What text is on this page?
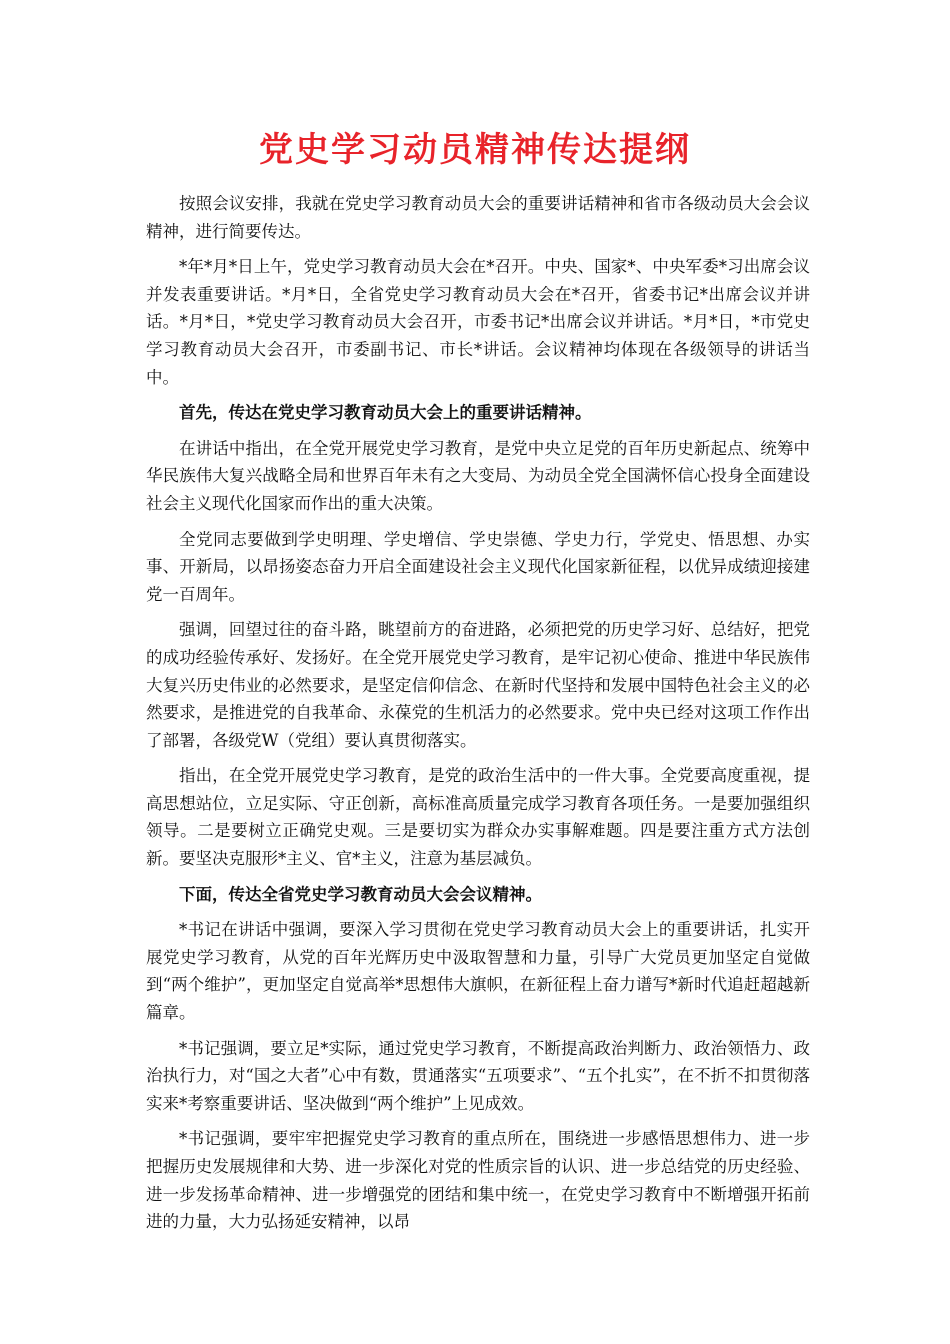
党史学习动员精神传达提纲

按照会议安排，我就在党史学习教育动员大会的重要讲话精神和省市各级动员大会会议精神，进行简要传达。

*年*月*日上午，党史学习教育动员大会在*召开。中央、国家*、中央军委*习出席会议并发表重要讲话。*月*日，全省党史学习教育动员大会在*召开，省委书记*出席会议并讲话。*月*日，*党史学习教育动员大会召开，市委书记*出席会议并讲话。*月*日，*市党史学习教育动员大会召开，市委副书记、市长*讲话。会议精神均体现在各级领导的讲话当中。

首先，传达在党史学习教育动员大会上的重要讲话精神。

在讲话中指出，在全党开展党史学习教育，是党中央立足党的百年历史新起点、统筹中华民族伟大复兴战略全局和世界百年未有之大变局、为动员全党全国满怀信心投身全面建设社会主义现代化国家而作出的重大决策。

全党同志要做到学史明理、学史增信、学史崇德、学史力行，学党史、悟思想、办实事、开新局，以昂扬姿态奋力开启全面建设社会主义现代化国家新征程，以优异成绩迎接建党一百周年。

强调，回望过往的奋斗路，眺望前方的奋进路，必须把党的历史学习好、总结好，把党的成功经验传承好、发扬好。在全党开展党史学习教育，是牢记初心使命、推进中华民族伟大复兴历史伟业的必然要求，是坚定信仰信念、在新时代坚持和发展中国特色社会主义的必然要求，是推进党的自我革命、永葆党的生机活力的必然要求。党中央已经对这项工作作出了部署，各级党W（党组）要认真贯彻落实。

指出，在全党开展党史学习教育，是党的政治生活中的一件大事。全党要高度重视，提高思想站位，立足实际、守正创新，高标准高质量完成学习教育各项任务。一是要加强组织领导。二是要树立正确党史观。三是要切实为群众办实事解难题。四是要注重方式方法创新。要坚决克服形*主义、官*主义，注意为基层减负。

下面，传达全省党史学习教育动员大会会议精神。

*书记在讲话中强调，要深入学习贯彻在党史学习教育动员大会上的重要讲话，扎实开展党史学习教育，从党的百年光辉历史中汲取智慧和力量，引导广大党员更加坚定自觉做到“两个维护”，更加坚定自觉高举*思想伟大旗帜，在新征程上奋力谱写*新时代追赶超越新篇章。

*书记强调，要立足*实际，通过党史学习教育，不断提高政治判断力、政治领悟力、政治执行力，对“国之大者”心中有数，贯通落实“五项要求”、“五个扎实”，在不折不扣贯彻落实来*考察重要讲话、坚决做到“两个维护”上见成效。

*书记强调，要牢牢把握党史学习教育的重点所在，围绕进一步感悟思想伟力、进一步把握历史发展规律和大势、进一步深化对党的性质宗旨的认识、进一步总结党的历史经验、进一步发扬革命精神、进一步增强党的团结和集中统一，在党史学习教育中不断增强开拓前进的力量，大力弘扬延安精神，以昂
